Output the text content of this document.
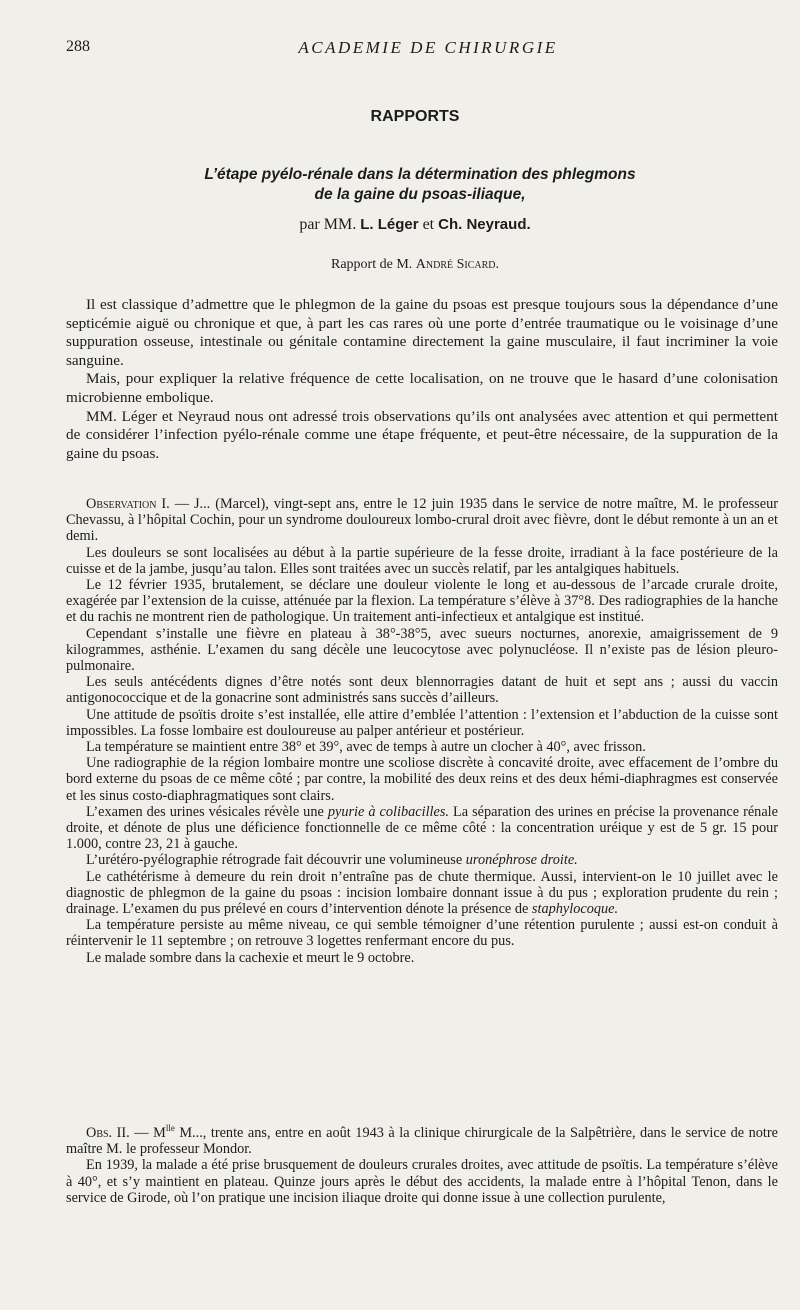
288	ACADEMIE DE CHIRURGIE
RAPPORTS
L’étape pyélo-rénale dans la détermination des phlegmons
de la gaine du psoas-iliaque,
par MM. L. Léger et Ch. Neyraud.
Rapport de M. André Sicard.

Il est classique d’admettre que le phlegmon de la gaine du psoas est presque toujours sous la dépendance d’une septicémie aiguë ou chronique et que, à part les cas rares où une porte d’entrée traumatique ou le voisinage d’une suppuration osseuse, intestinale ou génitale contamine directement la gaine musculaire, il faut incriminer la voie sanguine.

Mais, pour expliquer la relative fréquence de cette localisation, on ne trouve que le hasard d’une colonisation microbienne embolique.

MM. Léger et Neyraud nous ont adressé trois observations qu’ils ont analysées avec attention et qui permettent de considérer l’infection pyélo-rénale comme une étape fréquente, et peut-être nécessaire, de la suppuration de la gaine du psoas.

Observation I. — J... (Marcel), vingt-sept ans, entre le 12 juin 1935 dans le service de notre maître, M. le professeur Chevassu, à l’hôpital Cochin, pour un syndrome douloureux lombo-crural droit avec fièvre, dont le début remonte à un an et demi.

Les douleurs se sont localisées au début à la partie supérieure de la fesse droite, irradiant à la face postérieure de la cuisse et de la jambe, jusqu’au talon. Elles sont traitées avec un succès relatif, par les antalgiques habituels.

Le 12 février 1935, brutalement, se déclare une douleur violente le long et au-dessous de l’arcade crurale droite, exagérée par l’extension de la cuisse, atténuée par la flexion. La température s’élève à 37°8. Des radiographies de la hanche et du rachis ne montrent rien de pathologique. Un traitement anti-infectieux et antalgique est institué.

Cependant s’installe une fièvre en plateau à 38°-38°5, avec sueurs nocturnes, anorexie, amaigrissement de 9 kilogrammes, asthénie. L’examen du sang décèle une leucocytose avec polynucléose. Il n’existe pas de lésion pleuro-pulmonaire.

Les seuls antécédents dignes d’être notés sont deux blennorragies datant de huit et sept ans ; aussi du vaccin antigonococcique et de la gonacrine sont administrés sans succès d’ailleurs.

Une attitude de psoïtis droite s’est installée, elle attire d’emblée l’attention : l’extension et l’abduction de la cuisse sont impossibles. La fosse lombaire est douloureuse au palper antérieur et postérieur.

La température se maintient entre 38° et 39°, avec de temps à autre un clocher à 40°, avec frisson.

Une radiographie de la région lombaire montre une scoliose discrète à concavité droite, avec effacement de l’ombre du bord externe du psoas de ce même côté ; par contre, la mobilité des deux reins et des deux hémi-diaphragmes est conservée et les sinus costo-diaphragmatiques sont clairs.

L’examen des urines vésicales révèle une pyurie à colibacilles. La séparation des urines en précise la provenance rénale droite, et dénote de plus une déficience fonctionnelle de ce même côté : la concentration uréique y est de 5 gr. 15 pour 1.000, contre 23, 21 à gauche.

L’urétéro-pyélographie rétrograde fait découvrir une volumineuse uronéphrose droite.

Le cathétérisme à demeure du rein droit n’entraîne pas de chute thermique. Aussi, intervient-on le 10 juillet avec le diagnostic de phlegmon de la gaine du psoas : incision lombaire donnant issue à du pus ; exploration prudente du rein ; drainage. L’examen du pus prélevé en cours d’intervention dénote la présence de staphylocoque.

La température persiste au même niveau, ce qui semble témoigner d’une rétention purulente ; aussi est-on conduit à réintervenir le 11 septembre ; on retrouve 3 logettes renfermant encore du pus.

Le malade sombre dans la cachexie et meurt le 9 octobre.

Obs. II. — $M^{lle}$ M..., trente ans, entre en août 1943 à la clinique chirurgicale de la Salpêtrière, dans le service de notre maître M. le professeur Mondor.

En 1939, la malade a été prise brusquement de douleurs crurales droites, avec attitude de psoïtis. La température s’élève à 40°, et s’y maintient en plateau. Quinze jours après le début des accidents, la malade entre à l’hôpital Tenon, dans le service de Girode, où l’on pratique une incision iliaque droite qui donne issue à une collection purulente,
